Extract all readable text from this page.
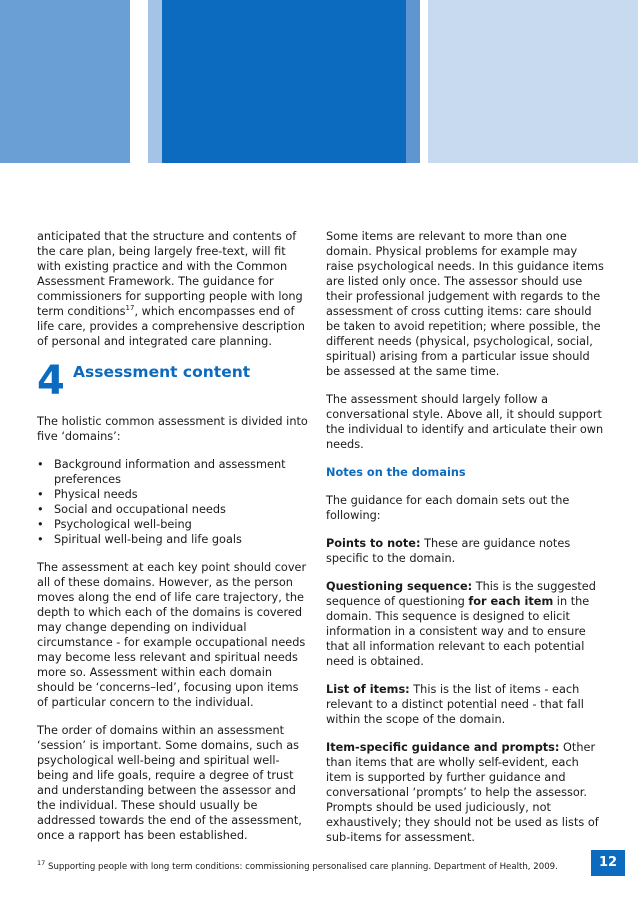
anticipated that the structure and contents of the care plan, being largely free-text, will fit with existing practice and with the Common Assessment Framework. The guidance for commissioners for supporting people with long term conditions$^{17}$, which encompasses end of life care, provides a comprehensive description of personal and integrated care planning.

4 Assessment content

The holistic common assessment is divided into five ‘domains’:

• Background information and assessment preferences
• Physical needs
• Social and occupational needs
• Psychological well-being
• Spiritual well-being and life goals

The assessment at each key point should cover all of these domains. However, as the person moves along the end of life care trajectory, the depth to which each of the domains is covered may change depending on individual circumstance - for example occupational needs may become less relevant and spiritual needs more so. Assessment within each domain should be ‘concerns–led’, focusing upon items of particular concern to the individual.

The order of domains within an assessment ‘session’ is important. Some domains, such as psychological well-being and spiritual well-being and life goals, require a degree of trust and understanding between the assessor and the individual. These should usually be addressed towards the end of the assessment, once a rapport has been established.

Some items are relevant to more than one domain. Physical problems for example may raise psychological needs. In this guidance items are listed only once. The assessor should use their professional judgement with regards to the assessment of cross cutting items: care should be taken to avoid repetition; where possible, the different needs (physical, psychological, social, spiritual) arising from a particular issue should be assessed at the same time.

The assessment should largely follow a conversational style. Above all, it should support the individual to identify and articulate their own needs.

Notes on the domains

The guidance for each domain sets out the following:

Points to note: These are guidance notes specific to the domain.

Questioning sequence: This is the suggested sequence of questioning for each item in the domain. This sequence is designed to elicit information in a consistent way and to ensure that all information relevant to each potential need is obtained.

List of items: This is the list of items - each relevant to a distinct potential need - that fall within the scope of the domain.

Item-specific guidance and prompts: Other than items that are wholly self-evident, each item is supported by further guidance and conversational ‘prompts’ to help the assessor. Prompts should be used judiciously, not exhaustively; they should not be used as lists of sub-items for assessment.

$^{17}$ Supporting people with long term conditions: commissioning personalised care planning. Department of Health, 2009.	12
